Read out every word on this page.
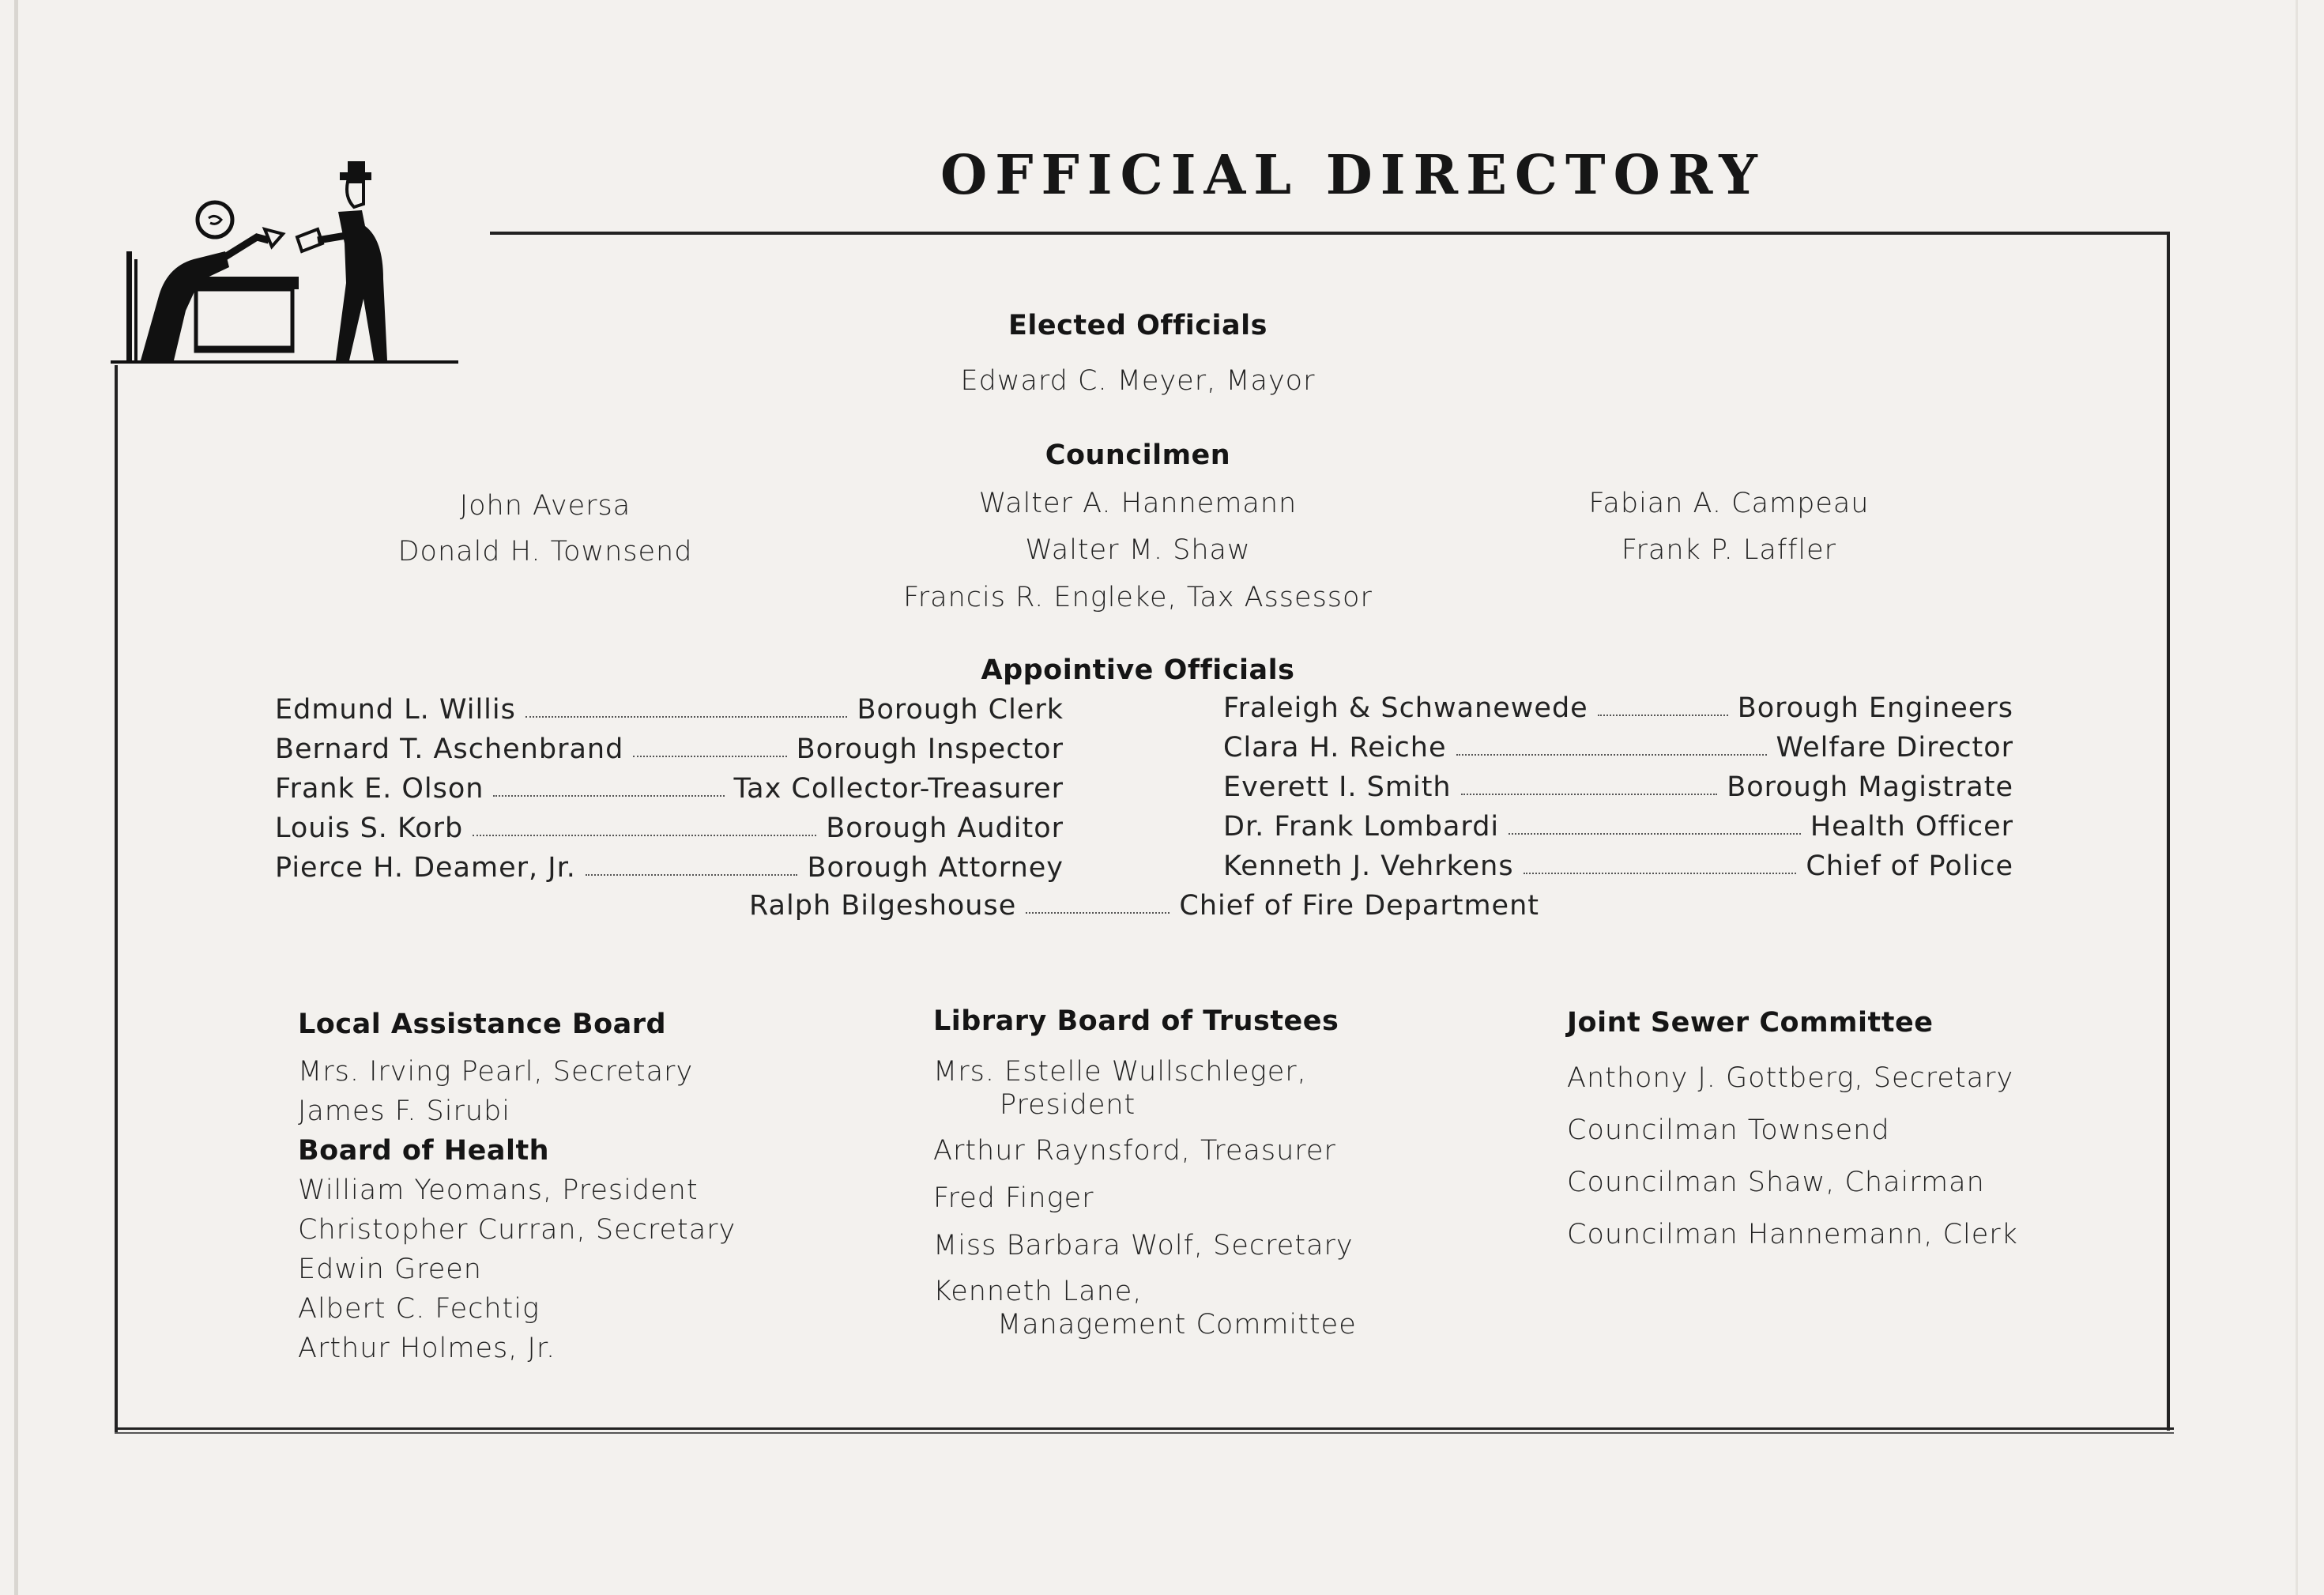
OFFICIAL DIRECTORY
Elected Officials
Edward C. Meyer, Mayor
Councilmen
John Aversa
Donald H. Townsend
Walter A. Hannemann
Walter M. Shaw
Fabian A. Campeau
Frank P. Laffler
Francis R. Engleke, Tax Assessor
Appointive Officials
Edmund L. Willis	Borough Clerk
Bernard T. Aschenbrand	Borough Inspector
Frank E. Olson	Tax Collector-Treasurer
Louis S. Korb	Borough Auditor
Pierce H. Deamer, Jr.	Borough Attorney
Fraleigh & Schwanewede	Borough Engineers
Clara H. Reiche	Welfare Director
Everett I. Smith	Borough Magistrate
Dr. Frank Lombardi	Health Officer
Kenneth J. Vehrkens	Chief of Police
Ralph Bilgeshouse	Chief of Fire Department
Local Assistance Board
Mrs. Irving Pearl, Secretary
James F. Sirubi
Board of Health
William Yeomans, President
Christopher Curran, Secretary
Edwin Green
Albert C. Fechtig
Arthur Holmes, Jr.
Library Board of Trustees
Mrs. Estelle Wullschleger,
President
Arthur Raynsford, Treasurer
Fred Finger
Miss Barbara Wolf, Secretary
Kenneth Lane,
Management Committee
Joint Sewer Committee
Anthony J. Gottberg, Secretary
Councilman Townsend
Councilman Shaw, Chairman
Councilman Hannemann, Clerk
